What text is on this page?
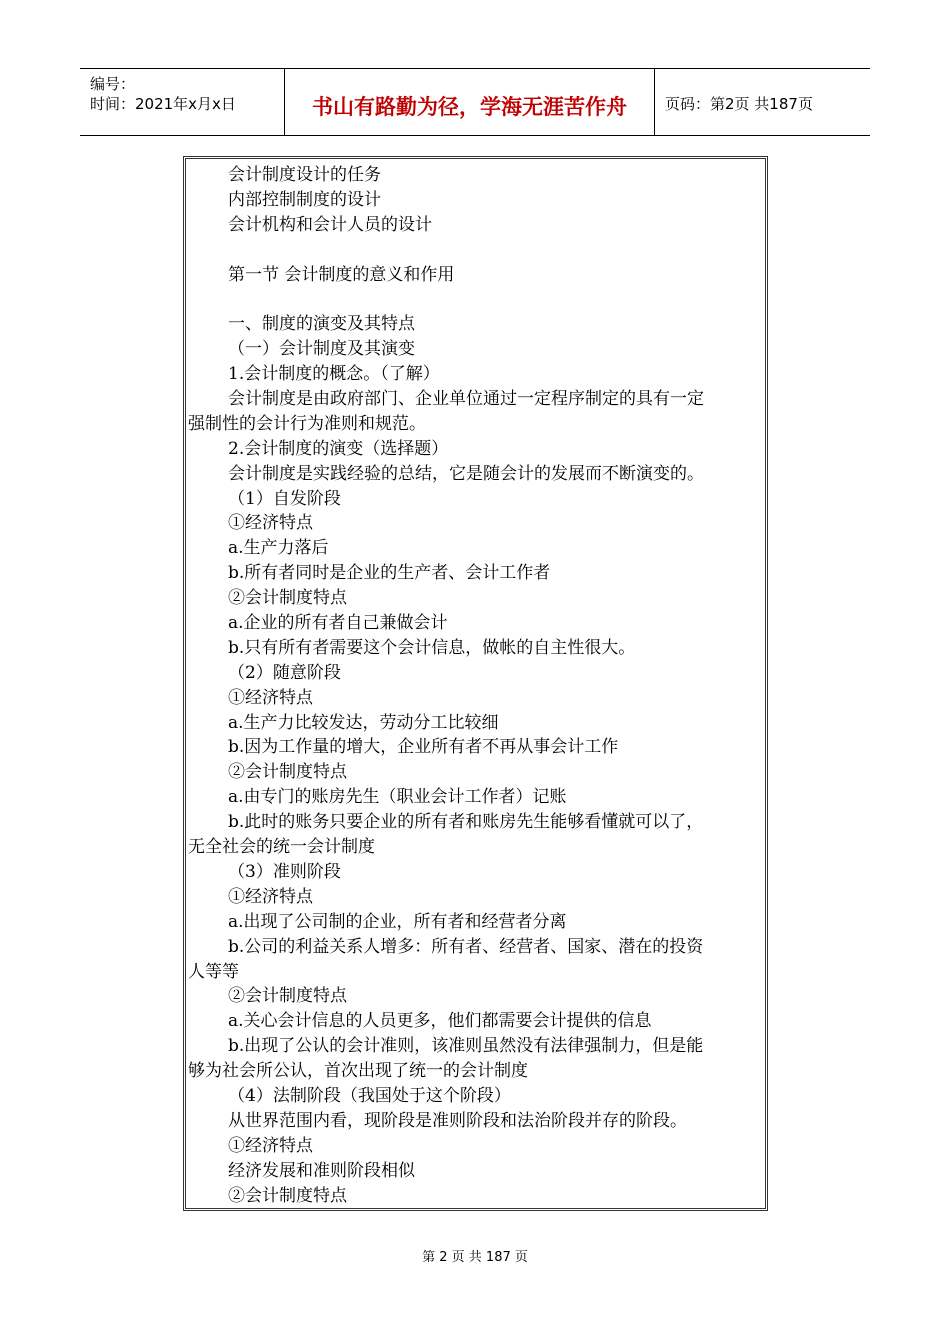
编号：
时间：2021年x月x日	书山有路勤为径，学海无涯苦作舟	页码：第2页 共187页
会计制度设计的任务
内部控制制度的设计
会计机构和会计人员的设计
第一节 会计制度的意义和作用
一、制度的演变及其特点
（一）会计制度及其演变
1.会计制度的概念。（了解）
会计制度是由政府部门、企业单位通过一定程序制定的具有一定
强制性的会计行为准则和规范。
2.会计制度的演变（选择题）
会计制度是实践经验的总结，它是随会计的发展而不断演变的。
（1）自发阶段
①经济特点
a.生产力落后
b.所有者同时是企业的生产者、会计工作者
②会计制度特点
a.企业的所有者自己兼做会计
b.只有所有者需要这个会计信息，做帐的自主性很大。
（2）随意阶段
①经济特点
a.生产力比较发达，劳动分工比较细
b.因为工作量的增大，企业所有者不再从事会计工作
②会计制度特点
a.由专门的账房先生（职业会计工作者）记账
b.此时的账务只要企业的所有者和账房先生能够看懂就可以了，
无全社会的统一会计制度
（3）准则阶段
①经济特点
a.出现了公司制的企业，所有者和经营者分离
b.公司的利益关系人增多：所有者、经营者、国家、潜在的投资
人等等
②会计制度特点
a.关心会计信息的人员更多，他们都需要会计提供的信息
b.出现了公认的会计准则，该准则虽然没有法律强制力，但是能
够为社会所公认，首次出现了统一的会计制度
（4）法制阶段（我国处于这个阶段）
从世界范围内看，现阶段是准则阶段和法治阶段并存的阶段。
①经济特点
经济发展和准则阶段相似
②会计制度特点
第 2 页 共 187 页
